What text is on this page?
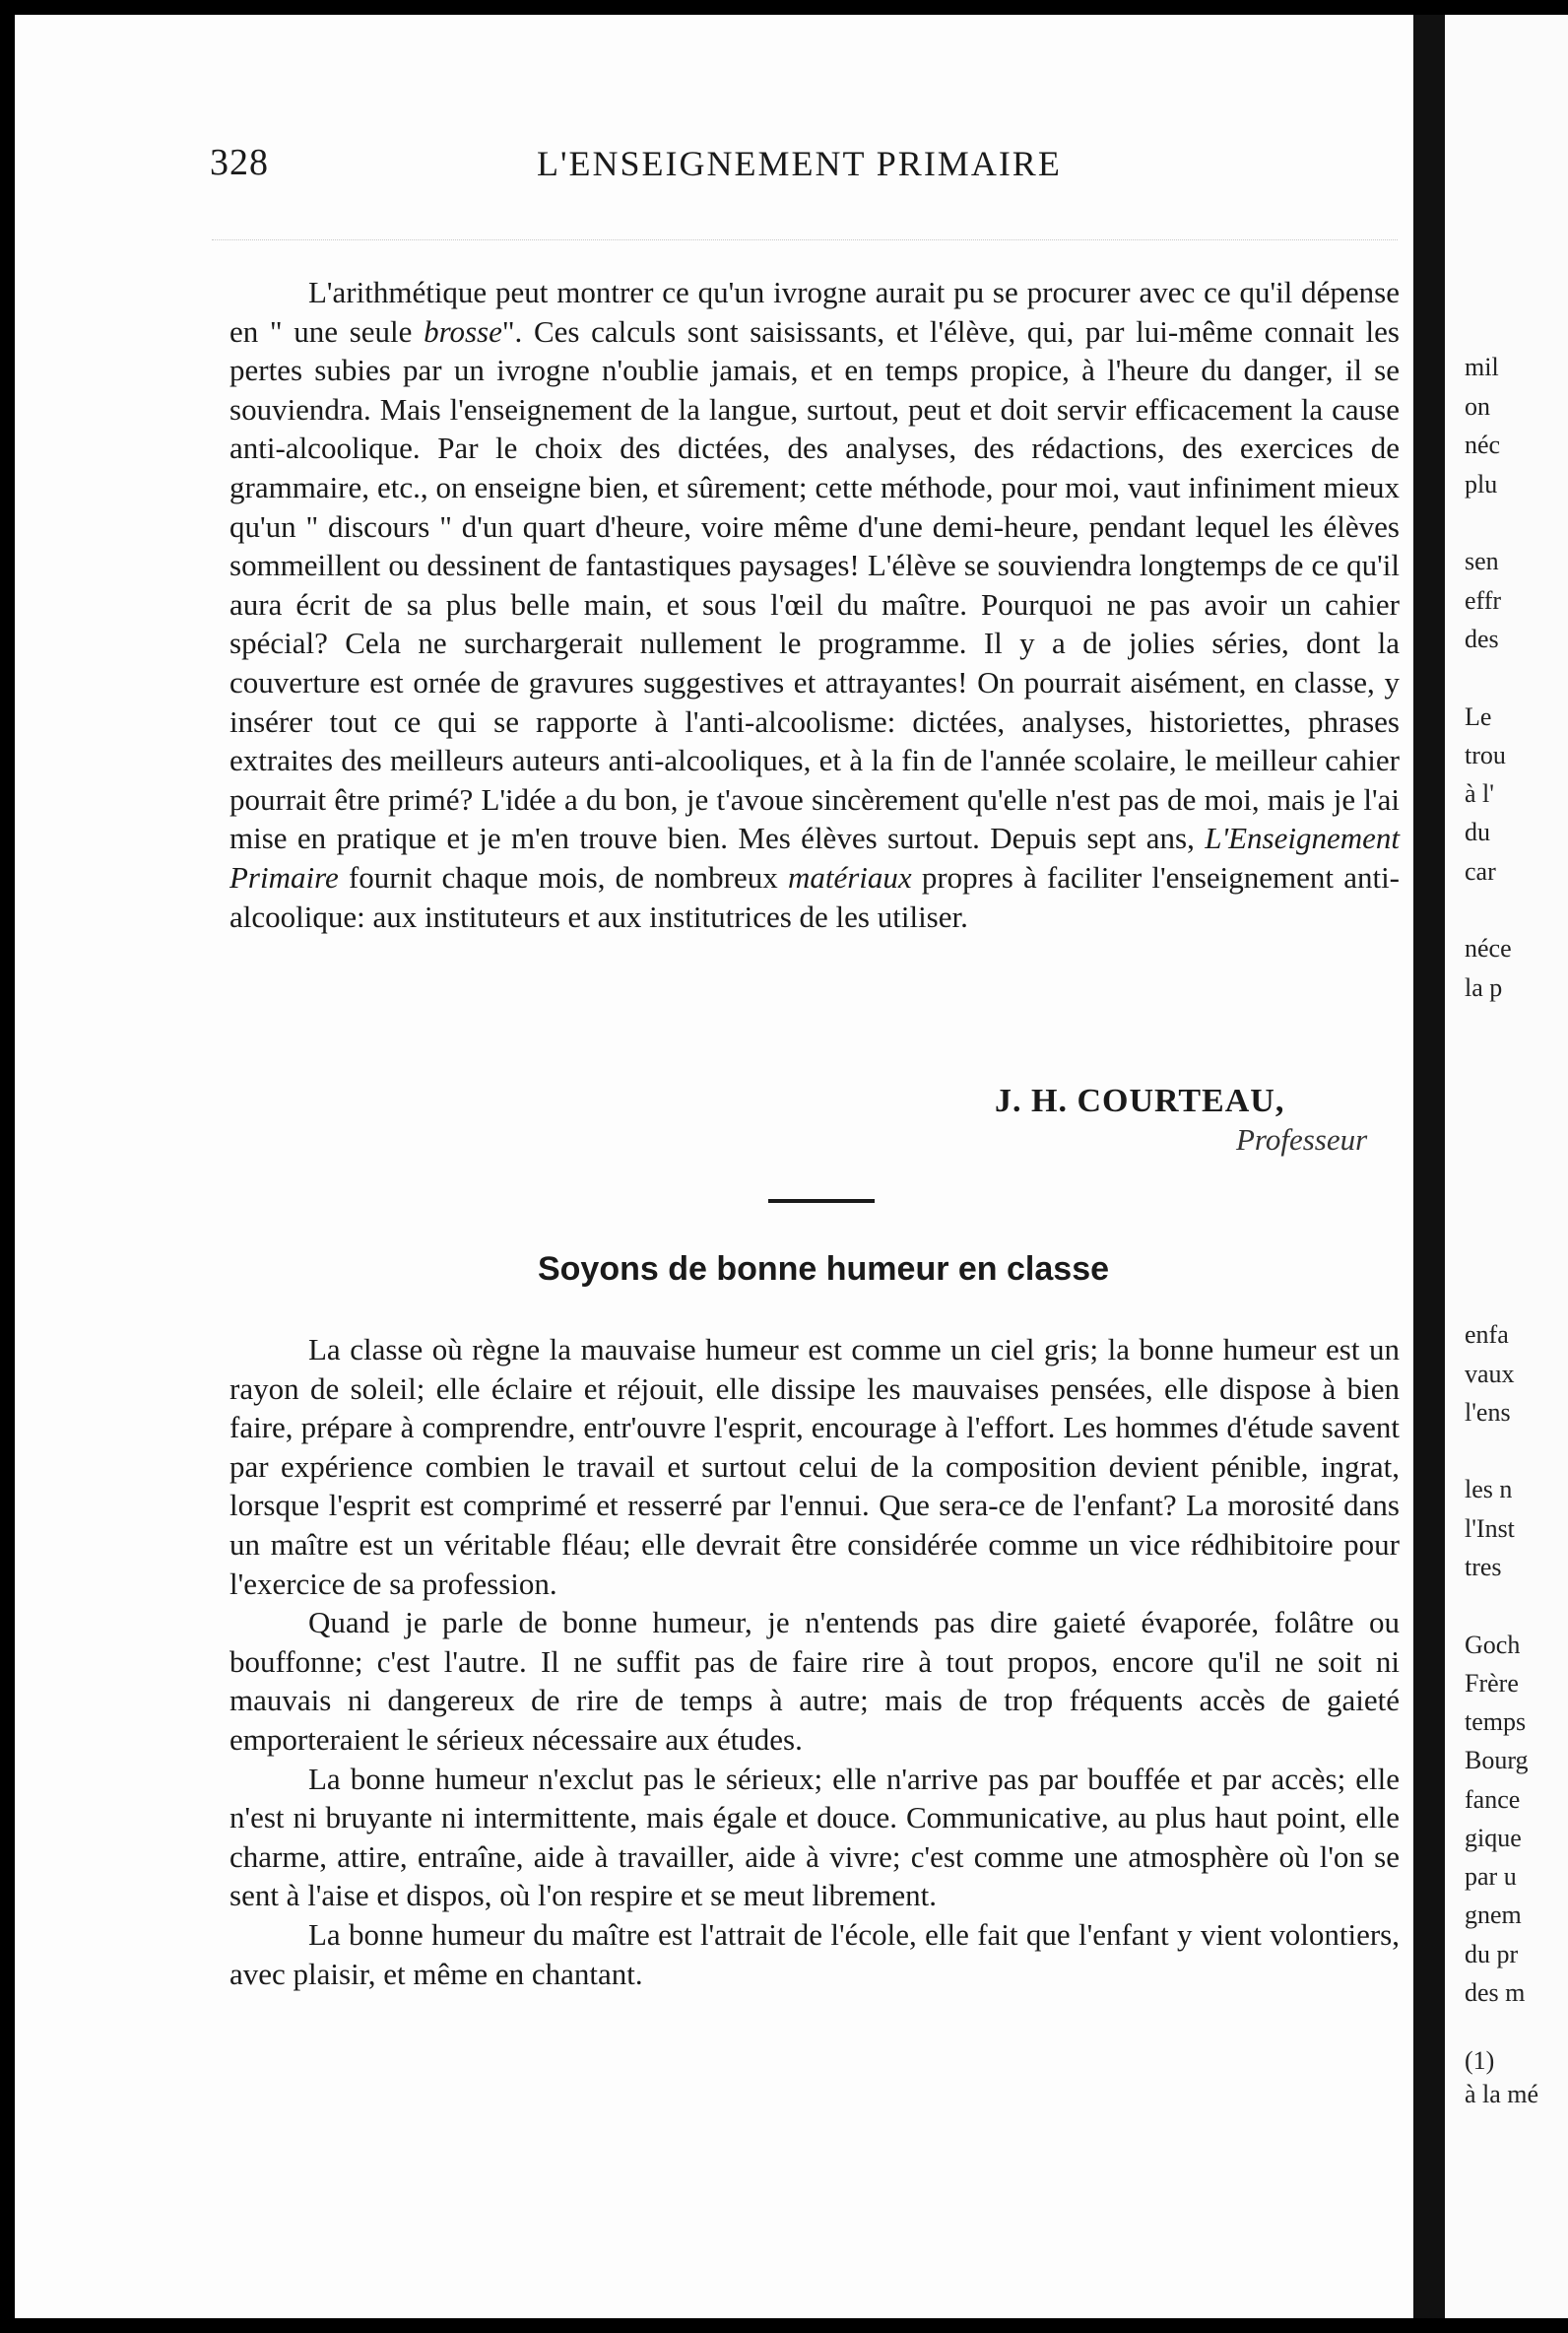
328	L'ENSEIGNEMENT PRIMAIRE

L'arithmétique peut montrer ce qu'un ivrogne aurait pu se procurer avec ce qu'il dépense en " une seule brosse". Ces calculs sont saisissants, et l'élève, qui, par lui-même connait les pertes subies par un ivrogne n'oublie jamais, et en temps propice, à l'heure du danger, il se souviendra. Mais l'enseignement de la langue, surtout, peut et doit servir efficacement la cause anti-alcoolique. Par le choix des dictées, des analyses, des rédactions, des exercices de grammaire, etc., on enseigne bien, et sûrement; cette méthode, pour moi, vaut infiniment mieux qu'un " discours " d'un quart d'heure, voire même d'une demi-heure, pendant lequel les élèves sommeillent ou dessinent de fantastiques paysages! L'élève se souviendra longtemps de ce qu'il aura écrit de sa plus belle main, et sous l'œil du maître. Pourquoi ne pas avoir un cahier spécial? Cela ne surchargerait nullement le programme. Il y a de jolies séries, dont la couverture est ornée de gravures suggestives et attrayantes! On pourrait aisément, en classe, y insérer tout ce qui se rapporte à l'anti-alcoolisme: dictées, analyses, historiettes, phrases extraites des meilleurs auteurs anti-alcooliques, et à la fin de l'année scolaire, le meilleur cahier pourrait être primé? L'idée a du bon, je t'avoue sincèrement qu'elle n'est pas de moi, mais je l'ai mise en pratique et je m'en trouve bien. Mes élèves surtout. Depuis sept ans, L'Enseignement Primaire fournit chaque mois, de nombreux matériaux propres à faciliter l'enseignement anti-alcoolique: aux instituteurs et aux institutrices de les utiliser.

J. H. COURTEAU,
Professeur
Soyons de bonne humeur en classe

La classe où règne la mauvaise humeur est comme un ciel gris; la bonne humeur est un rayon de soleil; elle éclaire et réjouit, elle dissipe les mauvaises pensées, elle dispose à bien faire, prépare à comprendre, entr'ouvre l'esprit, encourage à l'effort. Les hommes d'étude savent par expérience combien le travail et surtout celui de la composition devient pénible, ingrat, lorsque l'esprit est comprimé et resserré par l'ennui. Que sera-ce de l'enfant? La morosité dans un maître est un véritable fléau; elle devrait être considérée comme un vice rédhibitoire pour l'exercice de sa profession.

Quand je parle de bonne humeur, je n'entends pas dire gaieté évaporée, folâtre ou bouffonne; c'est l'autre. Il ne suffit pas de faire rire à tout propos, encore qu'il ne soit ni mauvais ni dangereux de rire de temps à autre; mais de trop fréquents accès de gaieté emporteraient le sérieux nécessaire aux études.

La bonne humeur n'exclut pas le sérieux; elle n'arrive pas par bouffée et par accès; elle n'est ni bruyante ni intermittente, mais égale et douce. Communicative, au plus haut point, elle charme, attire, entraîne, aide à travailler, aide à vivre; c'est comme une atmosphère où l'on se sent à l'aise et dispos, où l'on respire et se meut librement.

La bonne humeur du maître est l'attrait de l'école, elle fait que l'enfant y vient volontiers, avec plaisir, et même en chantant.

mil
on
néc
plu
sen
effr
des
Le
trou
à l'
du
car
néce
la p
enfa
vaux
l'ens
les n
l'Inst
tres
Goch
Frère
temps
Bourg
fance
gique
par u
gnem
du pr
des m
(1)
à la mé
